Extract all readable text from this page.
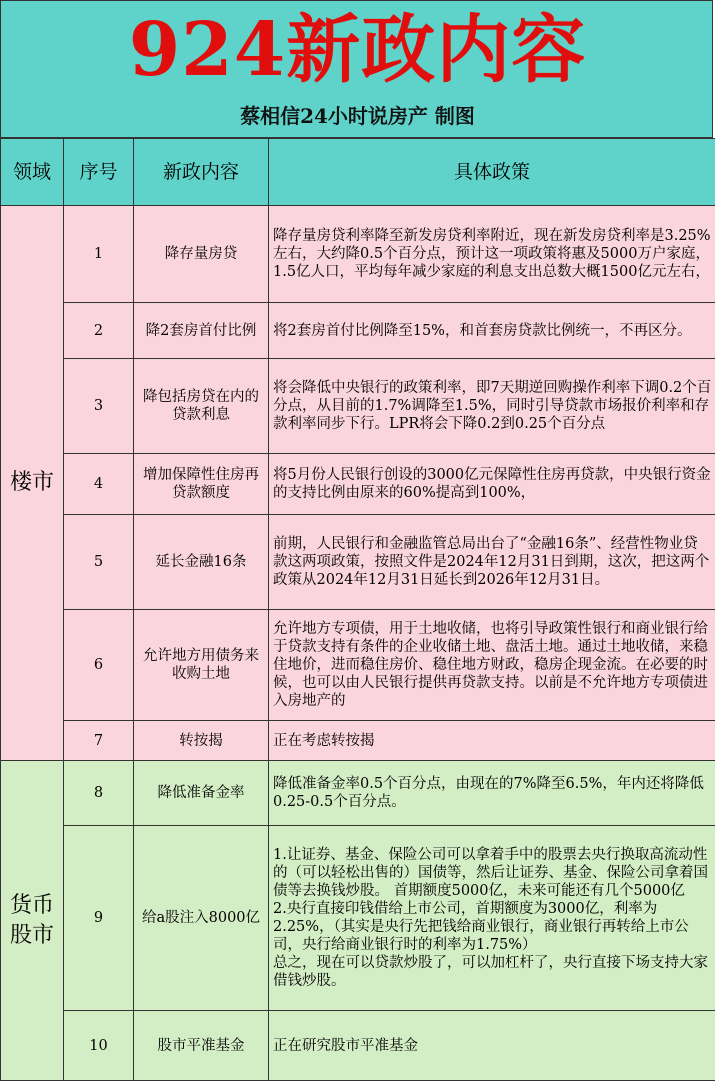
924新政内容
蔡相信24小时说房产 制图
领域	序号	新政内容	具体政策
楼市	1	降存量房贷	降存量房贷利率降至新发房贷利率附近，现在新发房贷利率是3.25%左右，大约降0.5个百分点，预计这一项政策将惠及5000万户家庭，1.5亿人口，平均每年减少家庭的利息支出总数大概1500亿元左右，
	2	降2套房首付比例	将2套房首付比例降至15%，和首套房贷款比例统一，不再区分。
	3	降包括房贷在内的贷款利息	将会降低中央银行的政策利率，即7天期逆回购操作利率下调0.2个百分点，从目前的1.7%调降至1.5%，同时引导贷款市场报价利率和存款利率同步下行。LPR将会下降0.2到0.25个百分点
	4	增加保障性住房再贷款额度	将5月份人民银行创设的3000亿元保障性住房再贷款，中央银行资金的支持比例由原来的60%提高到100%，
	5	延长金融16条	前期，人民银行和金融监管总局出台了“金融16条”、经营性物业贷款这两项政策，按照文件是2024年12月31日到期，这次，把这两个政策从2024年12月31日延长到2026年12月31日。
	6	允许地方用债务来收购土地	允许地方专项债，用于土地收储，也将引导政策性银行和商业银行给于贷款支持有条件的企业收储土地、盘活土地。通过土地收储，来稳住地价，进而稳住房价、稳住地方财政，稳房企现金流。在必要的时候，也可以由人民银行提供再贷款支持。以前是不允许地方专项债进入房地产的
	7	转按揭	正在考虑转按揭

货币股市	8	降低准备金率	降低准备金率0.5个百分点，由现在的7%降至6.5%，年内还将降低0.25-0.5个百分点。
	9	给a股注入8000亿	1.让证券、基金、保险公司可以拿着手中的股票去央行换取高流动性的（可以轻松出售的）国债等，然后让证券、基金、保险公司拿着国债等去换钱炒股。 首期额度5000亿，未来可能还有几个5000亿
2.央行直接印钱借给上市公司，首期额度为3000亿，利率为2.25%，（其实是央行先把钱给商业银行，商业银行再转给上市公司，央行给商业银行时的利率为1.75%）
总之，现在可以贷款炒股了，可以加杠杆了，央行直接下场支持大家借钱炒股。
	10	股市平准基金	正在研究股市平准基金
